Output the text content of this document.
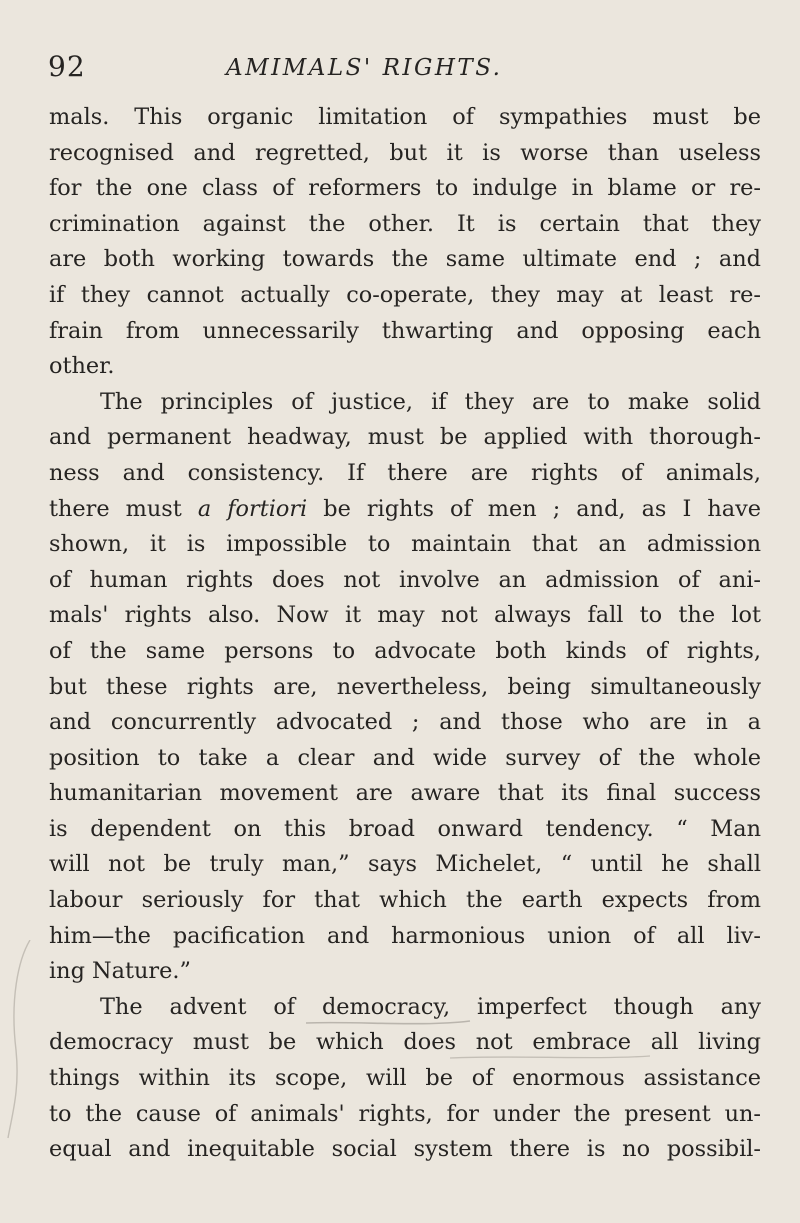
92	AMIMALS' RIGHTS.
mals. This organic limitation of sympathies must be
recognised and regretted, but it is worse than useless
for the one class of reformers to indulge in blame or re-
crimination against the other. It is certain that they
are both working towards the same ultimate end ; and
if they cannot actually co-operate, they may at least re-
frain from unnecessarily thwarting and opposing each
other.
The principles of justice, if they are to make solid
and permanent headway, must be applied with thorough-
ness and consistency. If there are rights of animals,
there must a fortiori be rights of men ; and, as I have
shown, it is impossible to maintain that an admission
of human rights does not involve an admission of ani-
mals' rights also. Now it may not always fall to the lot
of the same persons to advocate both kinds of rights,
but these rights are, nevertheless, being simultaneously
and concurrently advocated ; and those who are in a
position to take a clear and wide survey of the whole
humanitarian movement are aware that its final success
is dependent on this broad onward tendency. “ Man
will not be truly man,” says Michelet, “ until he shall
labour seriously for that which the earth expects from
him—the pacification and harmonious union of all liv-
ing Nature.”
The advent of democracy, imperfect though any
democracy must be which does not embrace all living
things within its scope, will be of enormous assistance
to the cause of animals' rights, for under the present un-
equal and inequitable social system there is no possibil-
